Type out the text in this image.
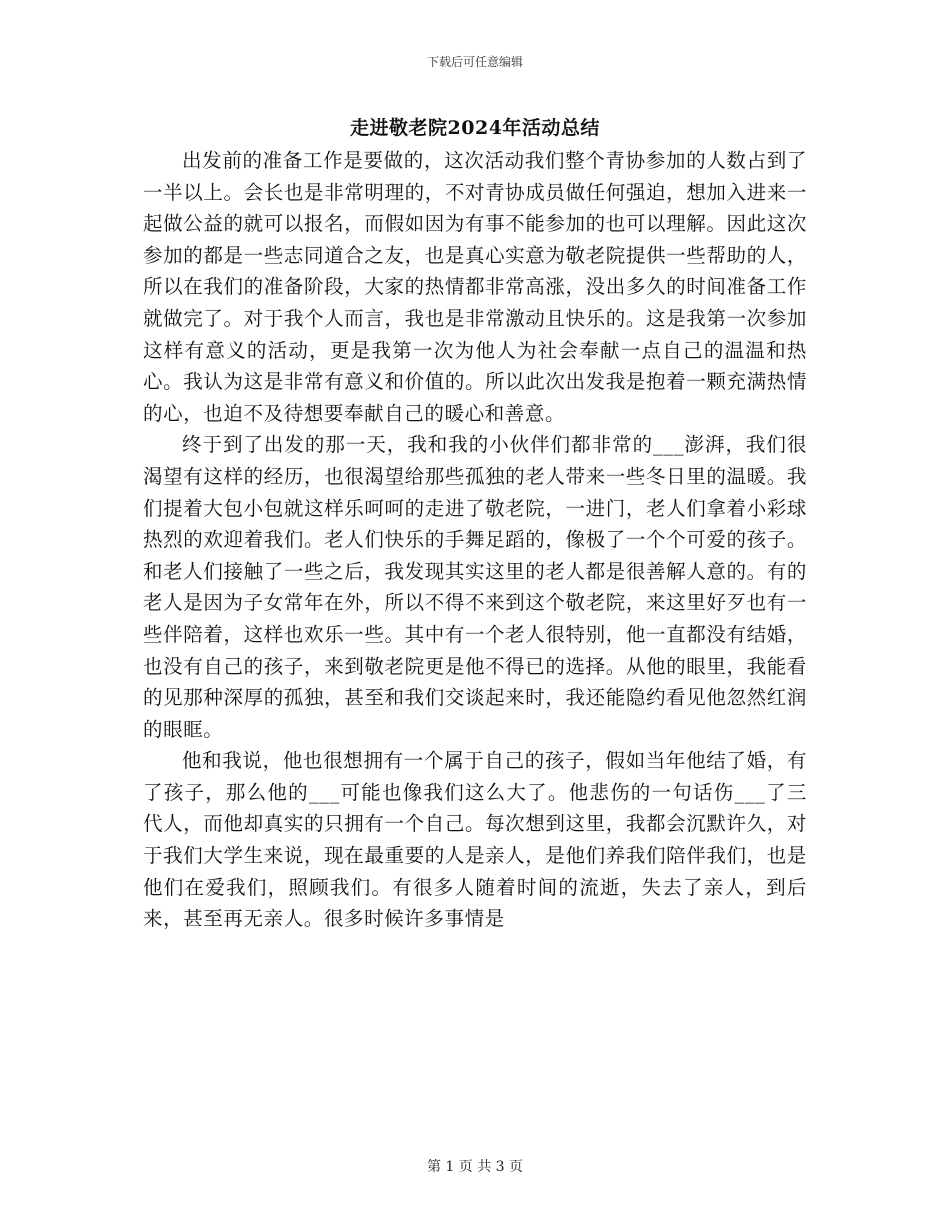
下载后可任意编辑
走进敬老院2024年活动总结

出发前的准备工作是要做的，这次活动我们整个青协参加的人数占到了一半以上。会长也是非常明理的，不对青协成员做任何强迫，想加入进来一起做公益的就可以报名，而假如因为有事不能参加的也可以理解。因此这次参加的都是一些志同道合之友，也是真心实意为敬老院提供一些帮助的人，所以在我们的准备阶段，大家的热情都非常高涨，没出多久的时间准备工作就做完了。对于我个人而言，我也是非常激动且快乐的。这是我第一次参加这样有意义的活动，更是我第一次为他人为社会奉献一点自己的温温和热心。我认为这是非常有意义和价值的。所以此次出发我是抱着一颗充满热情的心，也迫不及待想要奉献自己的暖心和善意。

终于到了出发的那一天，我和我的小伙伴们都非常的___澎湃，我们很渴望有这样的经历，也很渴望给那些孤独的老人带来一些冬日里的温暖。我们提着大包小包就这样乐呵呵的走进了敬老院，一进门，老人们拿着小彩球热烈的欢迎着我们。老人们快乐的手舞足蹈的，像极了一个个可爱的孩子。和老人们接触了一些之后，我发现其实这里的老人都是很善解人意的。有的老人是因为子女常年在外，所以不得不来到这个敬老院，来这里好歹也有一些伴陪着，这样也欢乐一些。其中有一个老人很特别，他一直都没有结婚，也没有自己的孩子，来到敬老院更是他不得已的选择。从他的眼里，我能看的见那种深厚的孤独，甚至和我们交谈起来时，我还能隐约看见他忽然红润的眼眶。

他和我说，他也很想拥有一个属于自己的孩子，假如当年他结了婚，有了孩子，那么他的___可能也像我们这么大了。他悲伤的一句话伤___了三代人，而他却真实的只拥有一个自己。每次想到这里，我都会沉默许久，对于我们大学生来说，现在最重要的人是亲人，是他们养我们陪伴我们，也是他们在爱我们，照顾我们。有很多人随着时间的流逝，失去了亲人，到后来，甚至再无亲人。很多时候许多事情是

第 1 页 共 3 页
